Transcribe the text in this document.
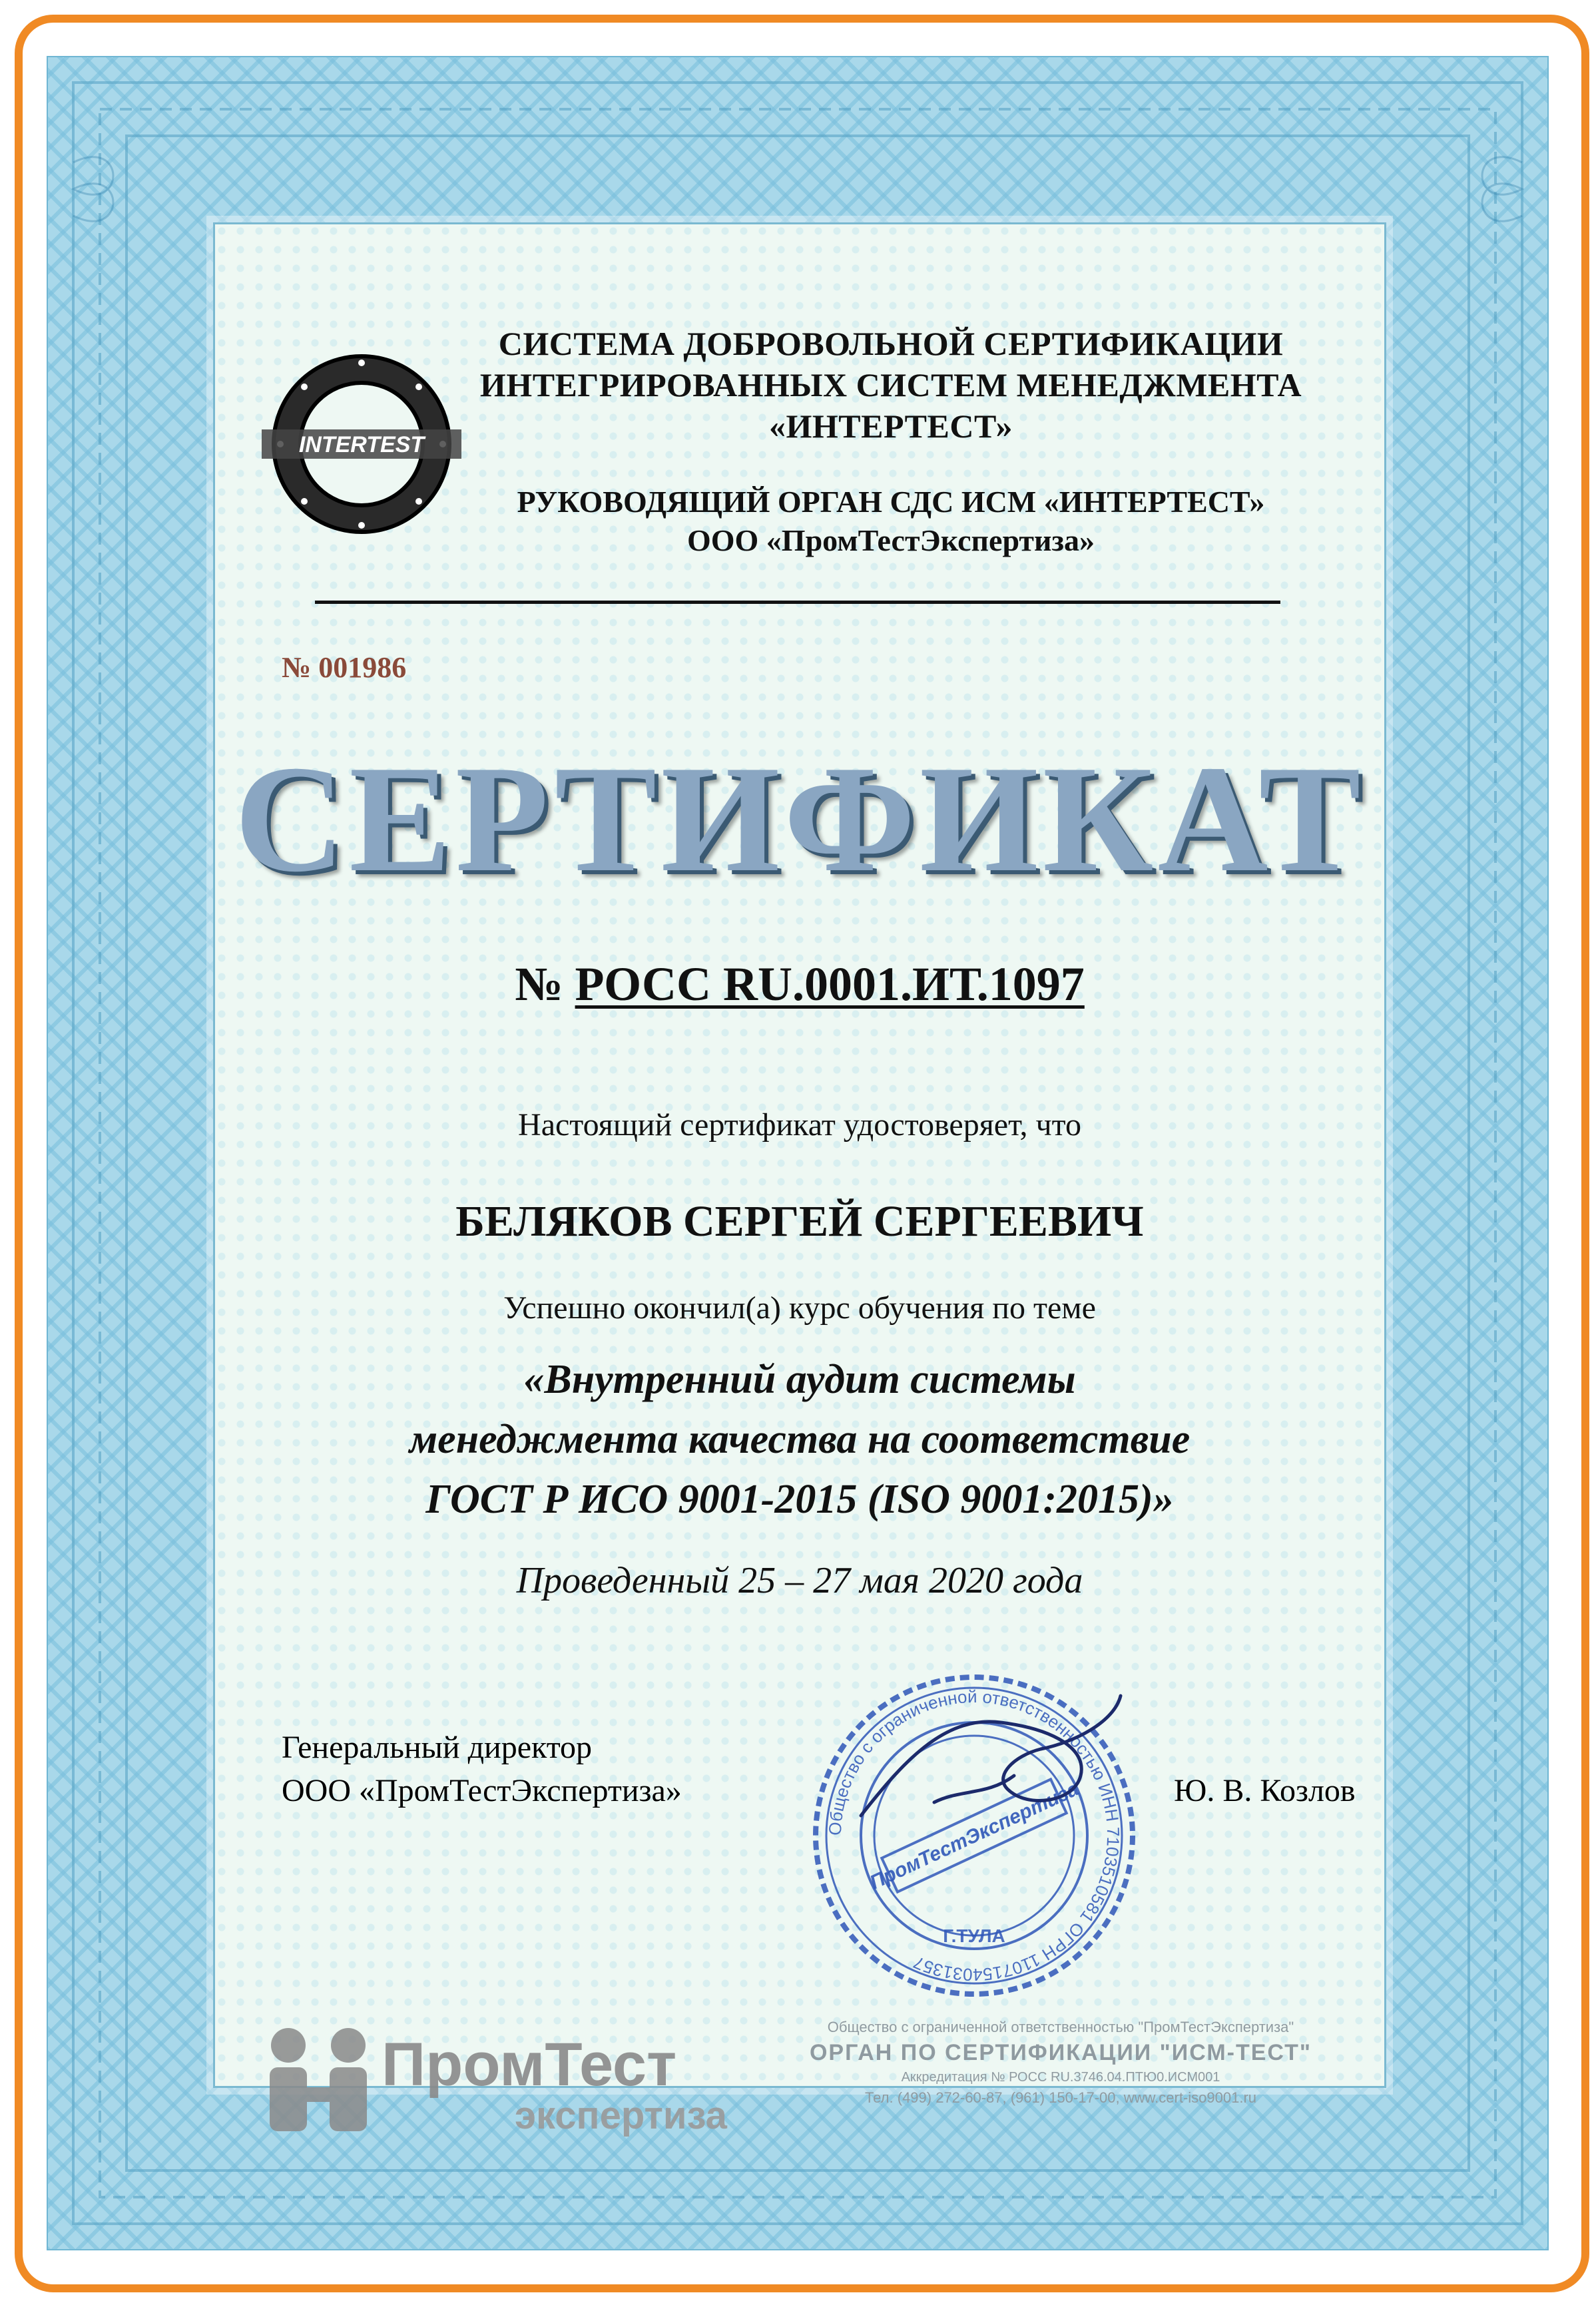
INTERTEST
СИСТЕМА ДОБРОВОЛЬНОЙ СЕРТИФИКАЦИИ
ИНТЕГРИРОВАННЫХ СИСТЕМ МЕНЕДЖМЕНТА
«ИНТЕРТЕСТ»
РУКОВОДЯЩИЙ ОРГАН СДС ИСМ «ИНТЕРТЕСТ»
ООО «ПромТестЭкспертиза»
№ 001986
СЕРТИФИКАТ
№ РОСС RU.0001.ИТ.1097
Настоящий сертификат удостоверяет, что
БЕЛЯКОВ СЕРГЕЙ СЕРГЕЕВИЧ
Успешно окончил(а) курс обучения по теме
«Внутренний аудит системы
менеджмента качества на соответствие
ГОСТ Р ИСО 9001-2015 (ISO 9001:2015)»
Проведенный 25 – 27 мая 2020 года
Генеральный директор
ООО «ПромТестЭкспертиза»	Ю. В. Козлов
Общество с ограниченной ответственностью ИНН 7103510581 ОГРН 1107154031357
ПромТестЭкспертиза
Г.ТУЛА
ПромТест
экспертиза
Общество с ограниченной ответственностью "ПромТестЭкспертиза"
ОРГАН ПО СЕРТИФИКАЦИИ "ИСМ-ТЕСТ"
Аккредитация № РОСС RU.3746.04.ПТЮ0.ИСМ001
Тел. (499) 272-60-87, (961) 150-17-00, www.cert-iso9001.ru
